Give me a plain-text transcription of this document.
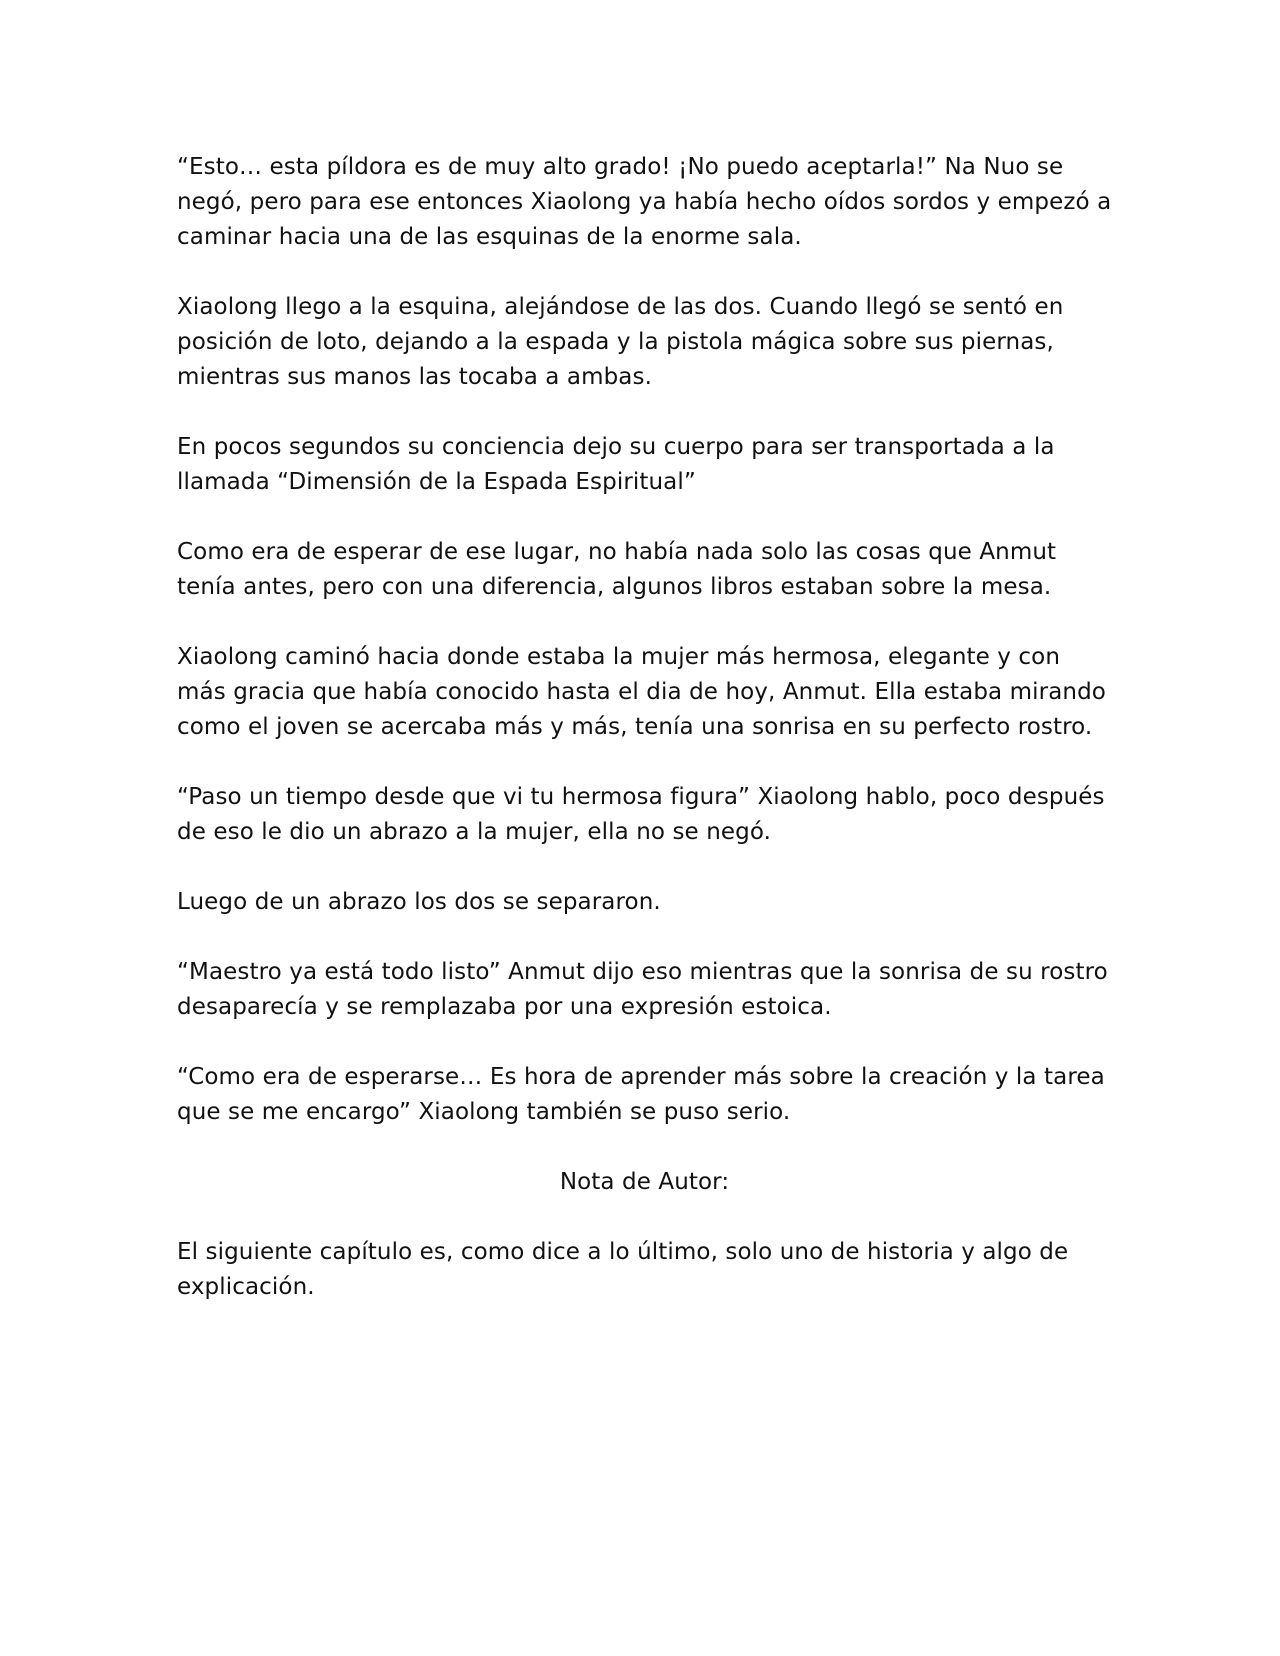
“Esto… esta píldora es de muy alto grado! ¡No puedo aceptarla!” Na Nuo se negó, pero para ese entonces Xiaolong ya había hecho oídos sordos y empezó a caminar hacia una de las esquinas de la enorme sala.

Xiaolong llego a la esquina, alejándose de las dos. Cuando llegó se sentó en posición de loto, dejando a la espada y la pistola mágica sobre sus piernas, mientras sus manos las tocaba a ambas.

En pocos segundos su conciencia dejo su cuerpo para ser transportada a la llamada “Dimensión de la Espada Espiritual”

Como era de esperar de ese lugar, no había nada solo las cosas que Anmut tenía antes, pero con una diferencia, algunos libros estaban sobre la mesa.

Xiaolong caminó hacia donde estaba la mujer más hermosa, elegante y con más gracia que había conocido hasta el dia de hoy, Anmut. Ella estaba mirando como el joven se acercaba más y más, tenía una sonrisa en su perfecto rostro.

“Paso un tiempo desde que vi tu hermosa figura” Xiaolong hablo, poco después de eso le dio un abrazo a la mujer, ella no se negó.

Luego de un abrazo los dos se separaron.

“Maestro ya está todo listo” Anmut dijo eso mientras que la sonrisa de su rostro desaparecía y se remplazaba por una expresión estoica.

“Como era de esperarse… Es hora de aprender más sobre la creación y la tarea que se me encargo” Xiaolong también se puso serio.

Nota de Autor:

El siguiente capítulo es, como dice a lo último, solo uno de historia y algo de explicación.
